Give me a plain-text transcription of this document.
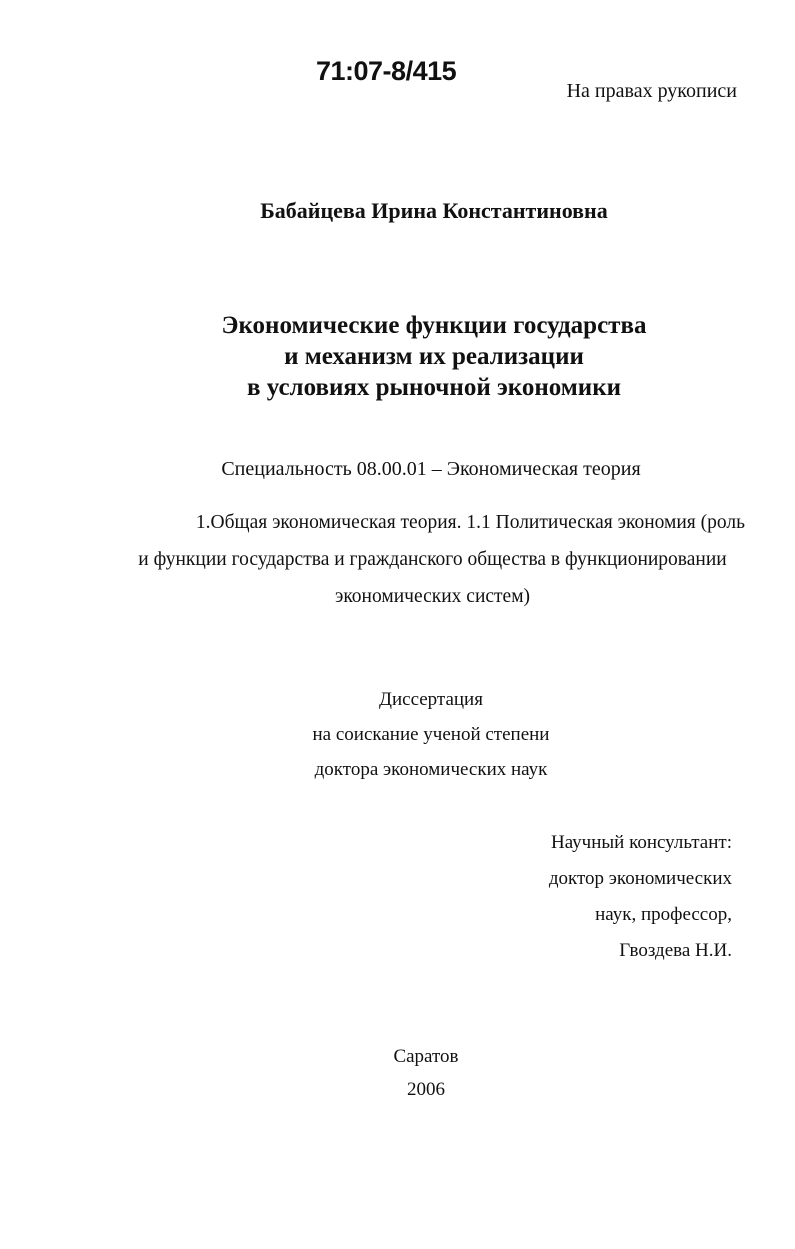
71:07-8/415
На правах рукописи
Бабайцева Ирина Константиновна
Экономические функции государства
и механизм их реализации
в условиях рыночной экономики
Специальность 08.00.01 – Экономическая теория
1.Общая экономическая теория. 1.1 Политическая экономия (роль
и функции государства и гражданского общества в функционировании
экономических систем)
Диссертация
на соискание ученой степени
доктора экономических наук
Научный консультант:
доктор экономических
наук, профессор,
Гвоздева Н.И.
Саратов
2006
